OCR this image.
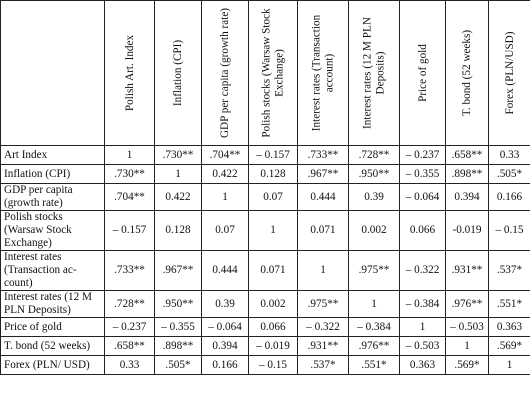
	Polish Art. Index	Inflation (CPI)	GDP per capita (growth rate)	Polish stocks (Warsaw Stock Exchange)	Interest rates (Transaction account)	Interest rates (12 M PLN Deposits)	Price of gold	T. bond (52 weeks)	Forex (PLN/USD)

Art Index	1	.730**	.704**	– 0.157	.733**	.728**	– 0.237	.658**	0.33
Inflation (CPI)	.730**	1	0.422	0.128	.967**	.950**	– 0.355	.898**	.505*
GDP per capita (growth rate)	.704**	0.422	1	0.07	0.444	0.39	– 0.064	0.394	0.166
Polish stocks (Warsaw Stock Exchange)	– 0.157	0.128	0.07	1	0.071	0.002	0.066	-0.019	– 0.15
Interest rates (Transaction ac-count)	.733**	.967**	0.444	0.071	1	.975**	– 0.322	.931**	.537*
Interest rates (12 M PLN Deposits)	.728**	.950**	0.39	0.002	.975**	1	– 0.384	.976**	.551*
Price of gold	– 0.237	– 0.355	– 0.064	0.066	– 0.322	– 0.384	1	– 0.503	0.363
T. bond (52 weeks)	.658**	.898**	0.394	– 0.019	.931**	.976**	– 0.503	1	.569*
Forex (PLN/ USD)	0.33	.505*	0.166	– 0.15	.537*	.551*	0.363	.569*	1
